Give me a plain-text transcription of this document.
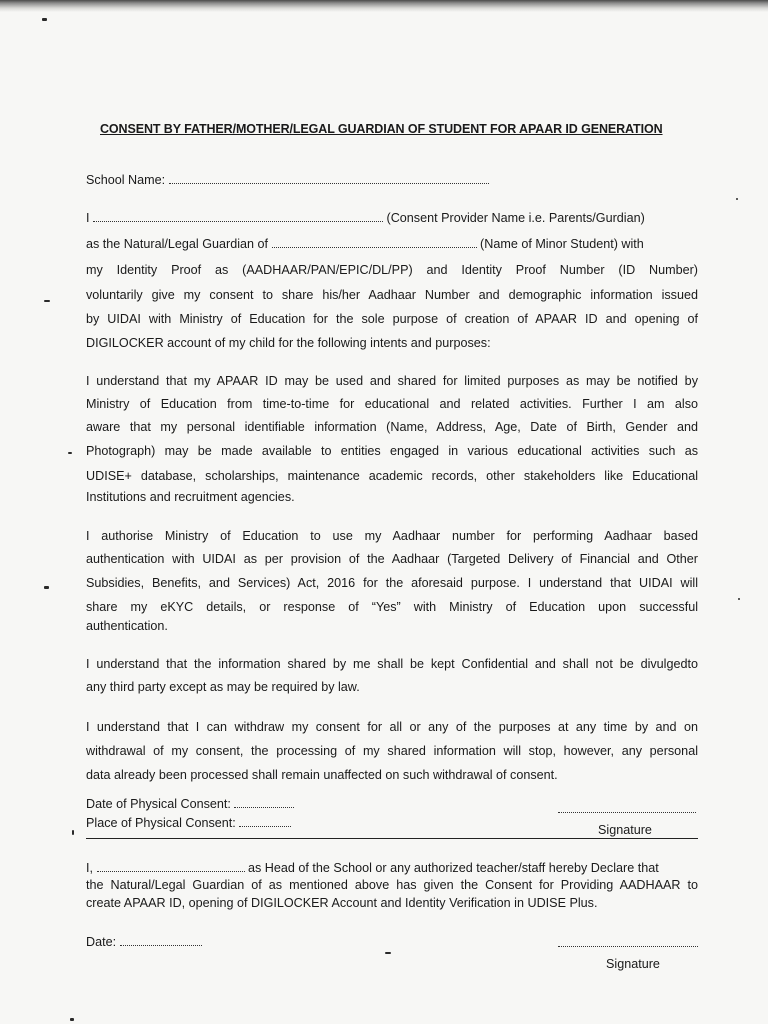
CONSENT BY FATHER/MOTHER/LEGAL GUARDIAN OF STUDENT FOR APAAR ID GENERATION
School Name:
I	(Consent Provider Name i.e. Parents/Gurdian)
as the Natural/Legal Guardian of	(Name of Minor Student) with
my Identity Proof as (AADHAAR/PAN/EPIC/DL/PP) and Identity Proof Number (ID Number)
voluntarily give my consent to share his/her Aadhaar Number and demographic information issued
by UIDAI with Ministry of Education for the sole purpose of creation of APAAR ID and opening of
DIGILOCKER account of my child for the following intents and purposes:
I understand that my APAAR ID may be used and shared for limited purposes as may be notified by
Ministry of Education from time-to-time for educational and related activities. Further I am also
aware that my personal identifiable information (Name, Address, Age, Date of Birth, Gender and
Photograph) may be made available to entities engaged in various educational activities such as
UDISE+ database, scholarships, maintenance academic records, other stakeholders like Educational
Institutions and recruitment agencies.
I authorise Ministry of Education to use my Aadhaar number for performing Aadhaar based
authentication with UIDAI as per provision of the Aadhaar (Targeted Delivery of Financial and Other
Subsidies, Benefits, and Services) Act, 2016 for the aforesaid purpose. I understand that UIDAI will
share my eKYC details, or response of “Yes” with Ministry of Education upon successful
authentication.
I understand that the information shared by me shall be kept Confidential and shall not be divulgedto
any third party except as may be required by law.
I understand that I can withdraw my consent for all or any of the purposes at any time by and on
withdrawal of my consent, the processing of my shared information will stop, however, any personal
data already been processed shall remain unaffected on such withdrawal of consent.
Date of Physical Consent:
Place of Physical Consent:	Signature
I,	as Head of the School or any authorized teacher/staff hereby Declare that
the Natural/Legal Guardian of as mentioned above has given the Consent for Providing AADHAAR to
create APAAR ID, opening of DIGILOCKER Account and Identity Verification in UDISE Plus.
Date:
Signature
